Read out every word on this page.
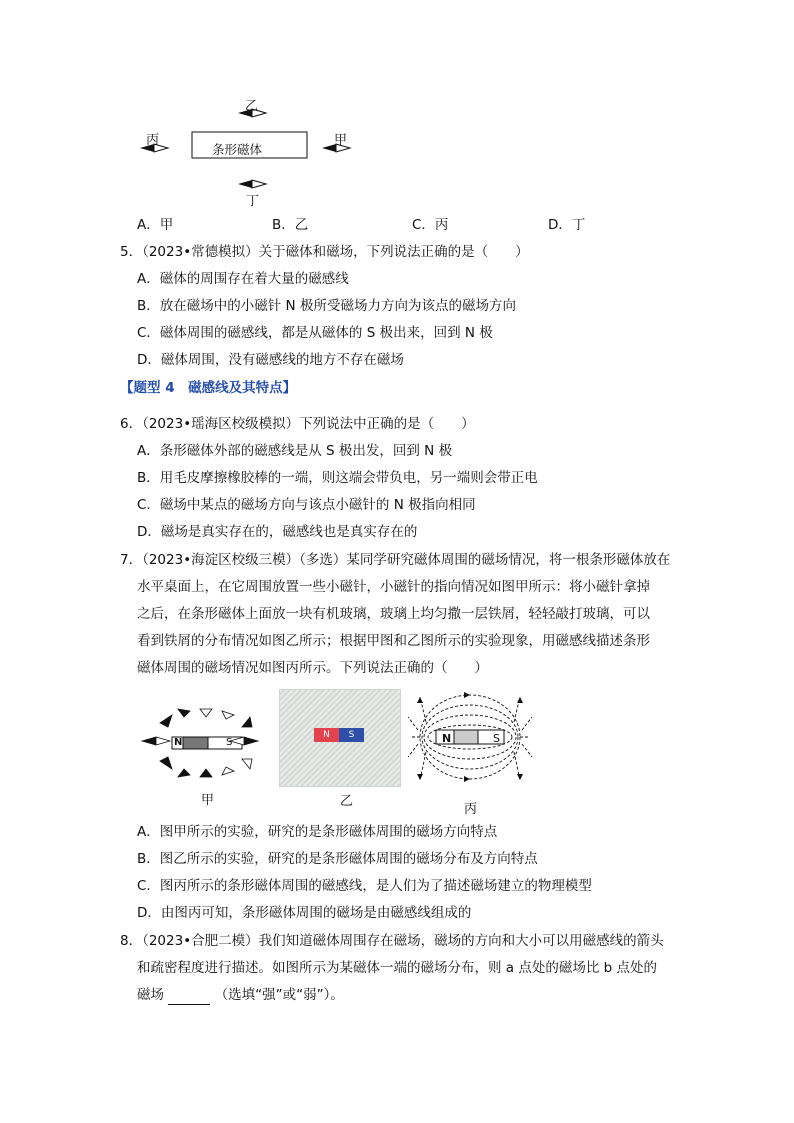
条形磁体
乙
丙	甲
丁
A．甲	B．乙	C．丙	D．丁
5．（2023•常德模拟）关于磁体和磁场，下列说法正确的是（　　）
A．磁体的周围存在着大量的磁感线
B．放在磁场中的小磁针 N 极所受磁场力方向为该点的磁场方向
C．磁体周围的磁感线，都是从磁体的 S 极出来，回到 N 极
D．磁体周围，没有磁感线的地方不存在磁场
【题型 4　磁感线及其特点】
6．（2023•瑶海区校级模拟）下列说法中正确的是（　　）
A．条形磁体外部的磁感线是从 S 极出发，回到 N 极
B．用毛皮摩擦橡胶棒的一端，则这端会带负电，另一端则会带正电
C．磁场中某点的磁场方向与该点小磁针的 N 极指向相同
D．磁场是真实存在的，磁感线也是真实存在的
7．（2023•海淀区校级三模）（多选）某同学研究磁体周围的磁场情况，将一根条形磁体放在
水平桌面上，在它周围放置一些小磁针，小磁针的指向情况如图甲所示：将小磁针拿掉
之后，在条形磁体上面放一块有机玻璃，玻璃上均匀撒一层铁屑，轻轻敲打玻璃，可以
看到铁屑的分布情况如图乙所示；根据甲图和乙图所示的实验现象，用磁感线描述条形
磁体周围的磁场情况如图丙所示。下列说法正确的（　　）
N	S
甲
N	S
乙
N	S
丙
A．图甲所示的实验，研究的是条形磁体周围的磁场方向特点
B．图乙所示的实验，研究的是条形磁体周围的磁场分布及方向特点
C．图丙所示的条形磁体周围的磁感线，是人们为了描述磁场建立的物理模型
D．由图丙可知，条形磁体周围的磁场是由磁感线组成的
8．（2023•合肥二模）我们知道磁体周围存在磁场，磁场的方向和大小可以用磁感线的箭头
和疏密程度进行描述。如图所示为某磁体一端的磁场分布，则 a 点处的磁场比 b 点处的
磁场	（选填“强”或“弱”）。
